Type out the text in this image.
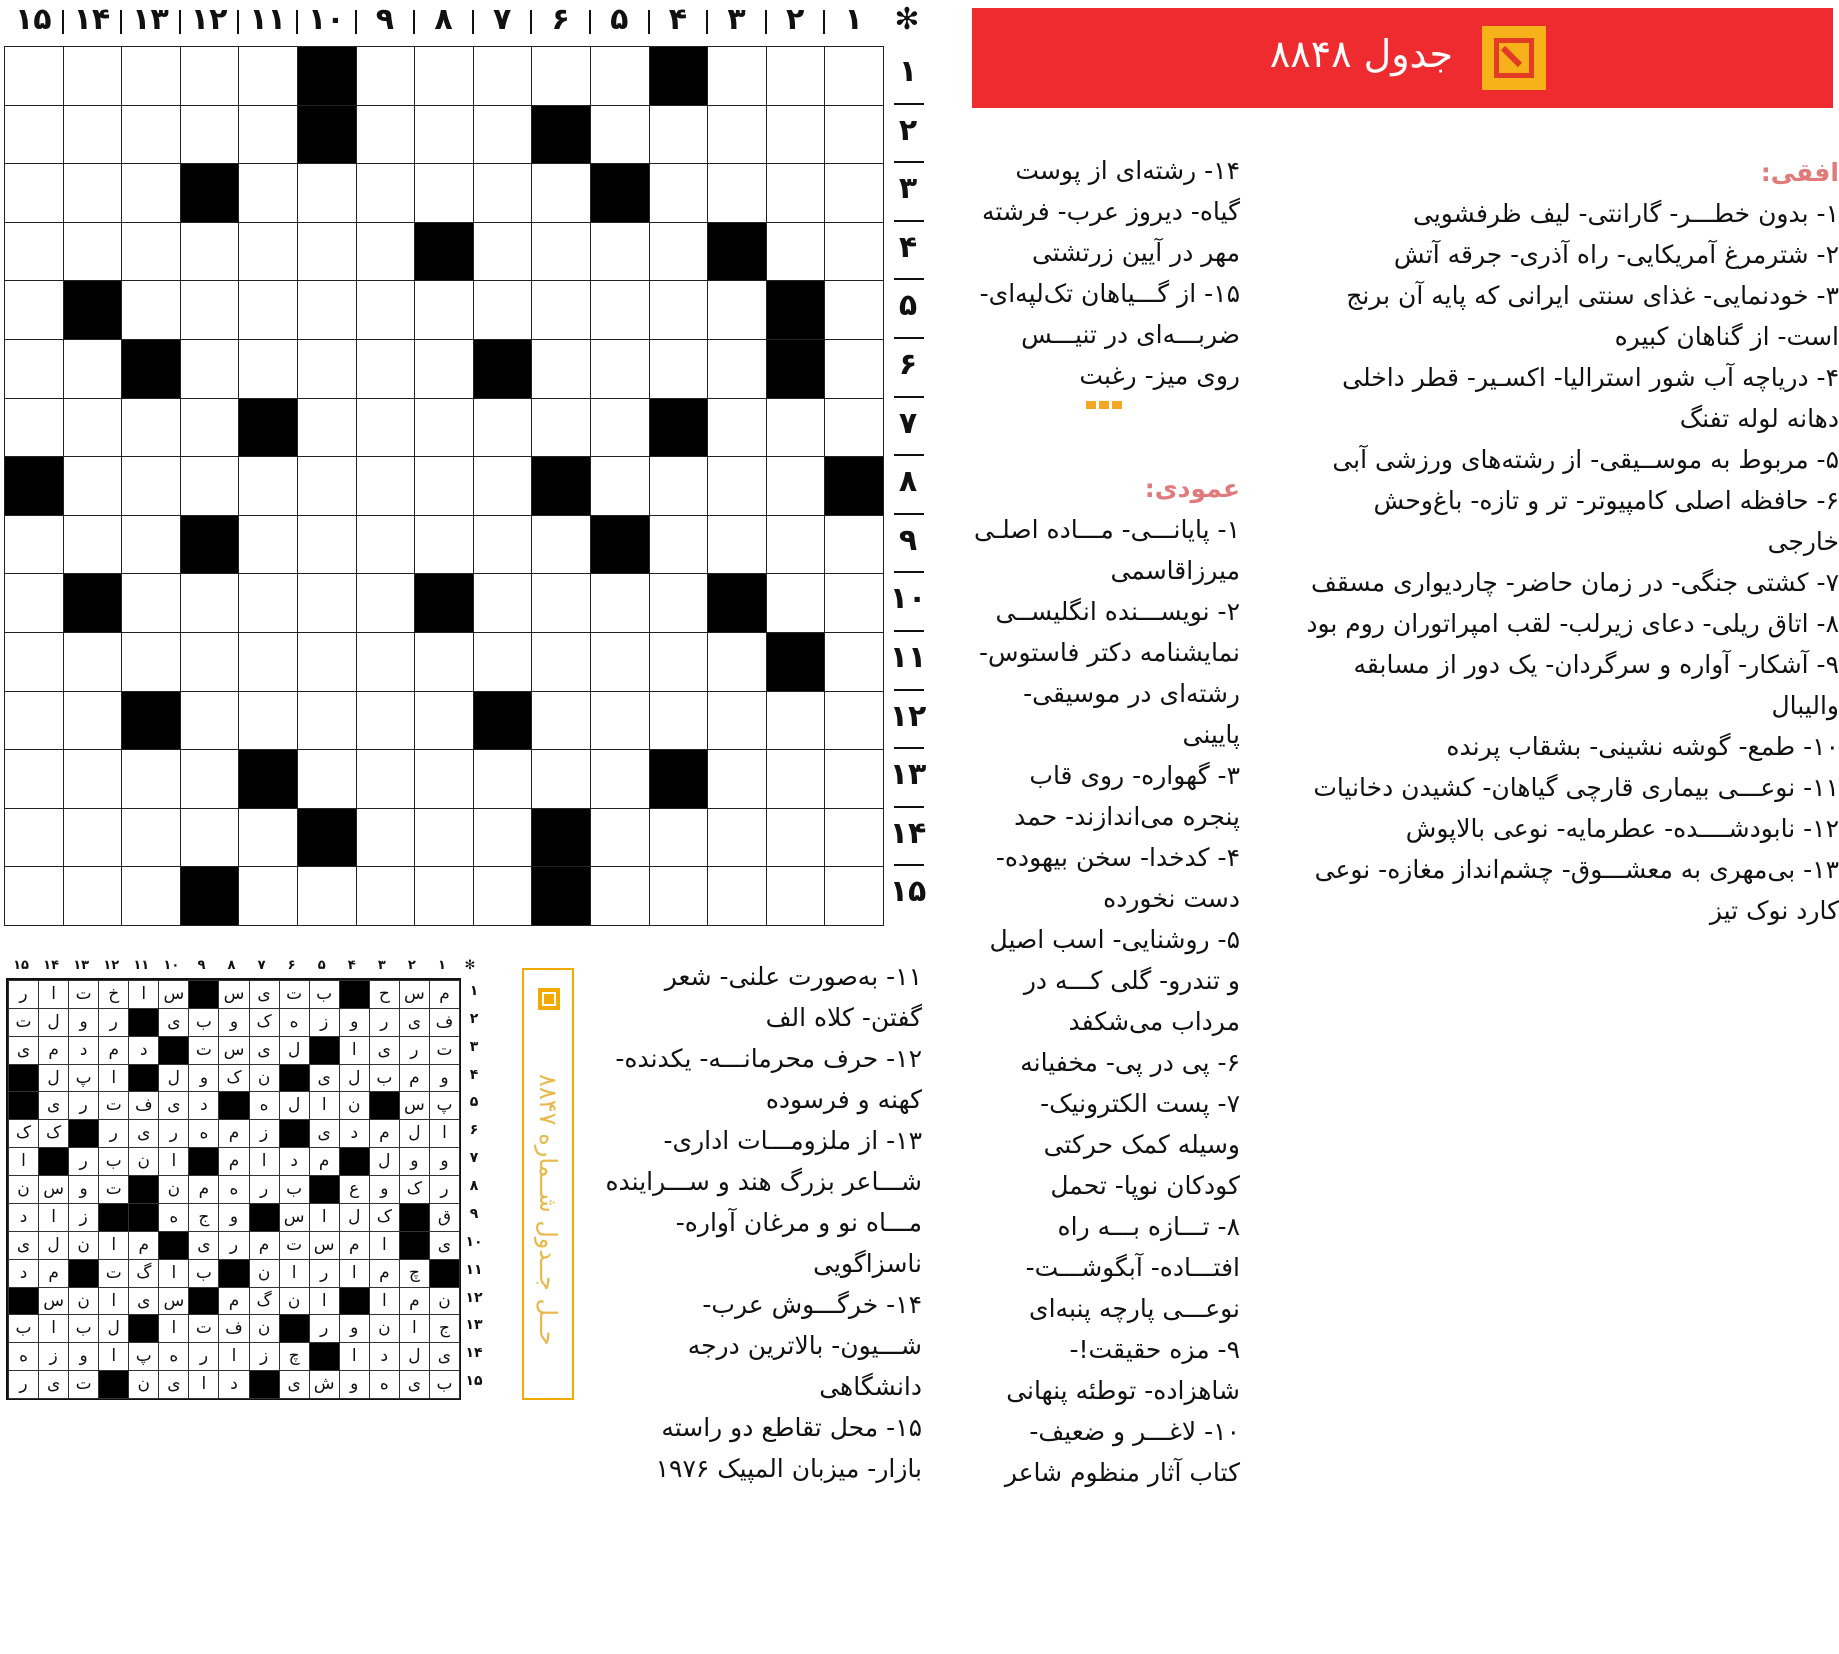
✻
۱
۲
۳
۴
۵
۶
۷
۸
۹
۱۰
۱۱
۱۲
۱۳
۱۴
۱۵
۱
۲
۳
۴
۵
۶
۷
۸
۹
۱۰
۱۱
۱۲
۱۳
۱۴
۱۵
جدول ۸۸۴۸

افقی:

۱- بدون خطـــر- گارانتی- لیف ظرفشویی

۲- شترمرغ آمریکایی- راه آذری- جرقه آتش

۳- خودنمایی- غذای سنتی ایرانی که پایه آن برنج است- از گناهان کبیره

۴- دریاچه آب شور استرالیا- اکسـیر- قطر داخلی دهانه لوله تفنگ

۵- مربوط به موســیقی- از رشته‌های ورزشی آبی

۶- حافظه اصلی کامپیوتر- تر و تازه- باغ‌وحش خارجی

۷- کشتی جنگی- در زمان حاضر- چاردیواری مسقف

۸- اتاق ریلی- دعای زیرلب- لقب امپراتوران روم بود

۹- آشکار- آواره و سرگردان- یک دور از مسابقه والیبال

۱۰- طمع- گوشه نشینی- بشقاب پرنده

۱۱- نوعـــی بیماری قارچی گیاهان- کشیدن دخانیات

۱۲- نابودشــــده- عطرمایه- نوعی بالاپوش

۱۳- بی‌مهری به معشـــوق- چشم‌انداز مغازه- نوعی کارد نوک تیز

۱۴- رشته‌ای از پوست گیاه- دیروز عرب- فرشته مهر در آیین زرتشتی

۱۵- از گـــیاهان تک‌لپه‌ای- ضربـــه‌ای در تنیـــس روی میز- رغبت

عمودی:

۱- پایانـــی- مـــاده اصلـی میرزاقاسمی

۲- نویســـنده انگلیســی نمایشنامه دکتر فاستوس- رشته‌ای در موسیقی- پایینی

۳- گهواره- روی قاب پنجره می‌اندازند- حمد

۴- کدخدا- سخن بیهوده- دست نخورده

۵- روشنایی- اسب اصیل و تندرو- گلی کـــه در مرداب می‌شکفد

۶- پی در پی- مخفیانه

۷- پست الکترونیک- وسیله کمک حرکتی کودکان نوپا- تحمل

۸- تـــازه بـــه راه افتـــاده- آبگوشـــت- نوعـــی پارچه پنبه‌ای

۹- مزه حقیقت!- شاهزاده- توطئه پنهانی

۱۰- لاغـــر و ضعیف- کتاب آثار منظوم شاعر

۱۱- به‌صورت علنی- شعر گفتن- کلاه الف

۱۲- حرف محرمانـــه- یکدنده- کهنه و فرسوده

۱۳- از ملزومـــات اداری- شـــاعر بزرگ هند و ســـراینده مـــاه نو و مرغان آواره- ناسزاگویی

۱۴- خرگـــوش عرب- شـــیون- بالاترین درجه دانشگاهی

۱۵- محل تقاطع دو راسته بازار- میزبان المپیک ۱۹۷۶

✻
۱
۲
۳
۴
۵
۶
۷
۸
۹
۱۰
۱۱
۱۲
۱۳
۱۴
۱۵
م
س
ح
ب
ت
ی
س
س
ا
خ
ت
ا
ر
ف
ی
ر
و
ز
ه
ک
و
ب
ی
ر
و
ل
ت
ت
ر
ی
ا
ل
ی
س
ت
د
م
د
م
ی
و
م
ب
ل
ی
ن
ک
و
ل
ا
پ
ل
پ
س
ن
ا
ل
ه
د
ی
ف
ت
ر
ی
ا
ل
م
د
ی
ز
م
ه
ر
ی
ر
ک
ک
و
و
ل
م
د
ا
م
ا
ن
ب
ر
ا
ر
ک
و
ع
ب
ر
ه
م
ن
ت
و
س
ن
ق
ک
ل
ا
س
و
ج
ه
ز
ا
د
ی
ا
م
س
ت
م
ر
ی
م
ا
ن
ل
ی
چ
م
ا
ر
ا
ن
ب
ا
گ
ت
م
د
ن
م
ا
ا
ن
گ
م
س
ی
ا
ن
س
ج
ا
ن
و
ر
ن
ف
ت
ا
ل
ب
ا
ب
ی
ل
د
ا
چ
ز
ا
ر
ه
پ
ا
و
ز
ه
ب
ی
ه
و
ش
ی
د
ا
ی
ن
ت
ی
ر
۱
۲
۳
۴
۵
۶
۷
۸
۹
۱۰
۱۱
۱۲
۱۳
۱۴
۱۵
حــل جــدول شــماره ۸۸۴۷
